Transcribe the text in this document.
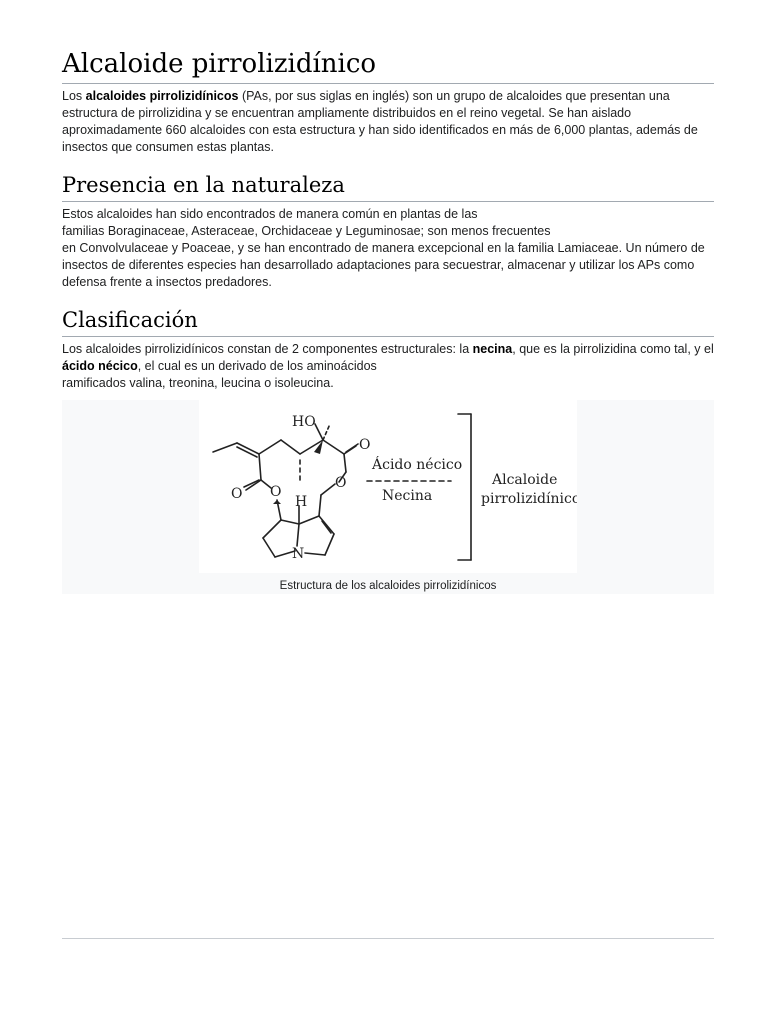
Alcaloide pirrolizidínico

Los alcaloides pirrolizidínicos (PAs, por sus siglas en inglés) son un grupo de alcaloides que presentan una estructura de pirrolizidina y se encuentran ampliamente distribuidos en el reino vegetal. Se han aislado aproximadamente 660 alcaloides con esta estructura y han sido identificados en más de 6,000 plantas, además de insectos que consumen estas plantas.

Presencia en la naturaleza

Estos alcaloides han sido encontrados de manera común en plantas de las
familias Boraginaceae, Asteraceae, Orchidaceae y Leguminosae; son menos frecuentes
en Convolvulaceae y Poaceae, y se han encontrado de manera excepcional en la familia Lamiaceae. Un número de insectos de diferentes especies han desarrollado adaptaciones para secuestrar, almacenar y utilizar los APs como defensa frente a insectos predadores.

Clasificación

Los alcaloides pirrolizidínicos constan de 2 componentes estructurales: la necina, que es la pirrolizidina como tal, y el ácido nécico, el cual es un derivado de los aminoácidos
ramificados valina, treonina, leucina o isoleucina.

HO
O
O O
O
H
N
Ácido nécico
Necina
Alcaloide
pirrolizidínico
Estructura de los alcaloides pirrolizidínicos
